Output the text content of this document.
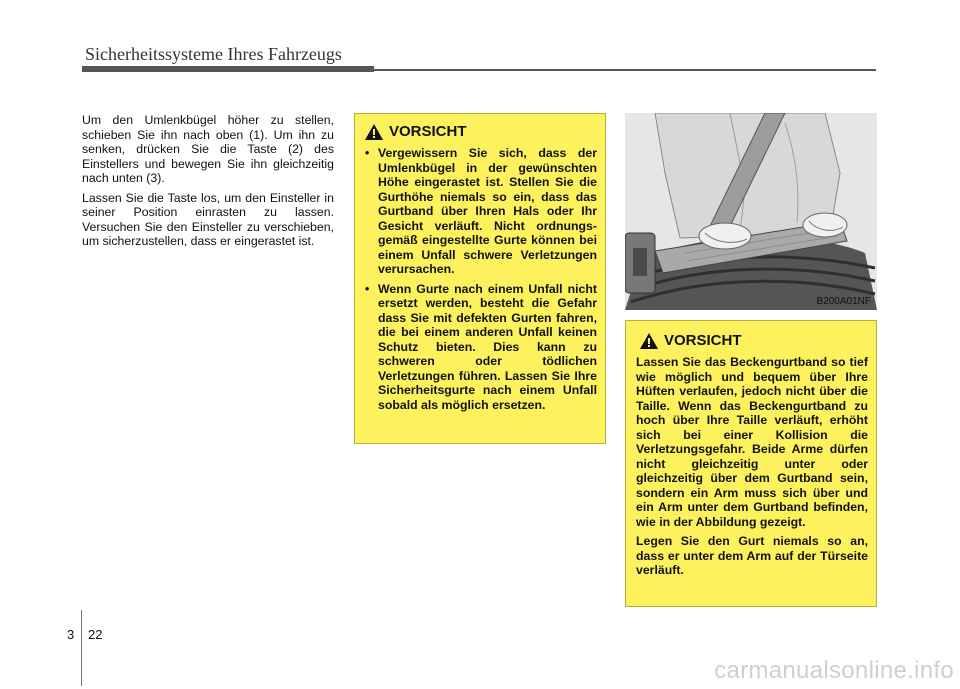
Sicherheitssysteme Ihres Fahrzeugs

Um den Umlenkbügel höher zu stellen, schieben Sie ihn nach oben (1). Um ihn zu senken, drücken Sie die Taste (2) des Einstellers und bewegen Sie ihn gleichzeitig nach unten (3).

Lassen Sie die Taste los, um den Einsteller in seiner Position einrasten zu lassen. Versuchen Sie den Einsteller zu verschieben, um sicherzustellen, dass er eingerastet ist.

VORSICHT
• Vergewissern Sie sich, dass der Umlenkbügel in der gewünschten Höhe eingerastet ist. Stellen Sie die Gurthöhe niemals so ein, dass das Gurtband über Ihren Hals oder Ihr Gesicht verläuft. Nicht ordnungs-gemäß eingestellte Gurte können bei einem Unfall schwere Verletzungen verursachen.
• Wenn Gurte nach einem Unfall nicht ersetzt werden, besteht die Gefahr dass Sie mit defekten Gurten fahren, die bei einem anderen Unfall keinen Schutz bieten. Dies kann zu schweren oder tödlichen Verletzungen führen. Lassen Sie Ihre Sicherheitsgurte nach einem Unfall sobald als möglich ersetzen.
B200A01NF
VORSICHT

Lassen Sie das Beckengurtband so tief wie möglich und bequem über Ihre Hüften verlaufen, jedoch nicht über die Taille. Wenn das Beckengurtband zu hoch über Ihre Taille verläuft, erhöht sich bei einer Kollision die Verletzungsgefahr. Beide Arme dürfen nicht gleichzeitig unter oder gleichzeitig über dem Gurtband sein, sondern ein Arm muss sich über und ein Arm unter dem Gurtband befinden, wie in der Abbildung gezeigt.

Legen Sie den Gurt niemals so an, dass er unter dem Arm auf der Türseite verläuft.

3 22
carmanualsonline.info
